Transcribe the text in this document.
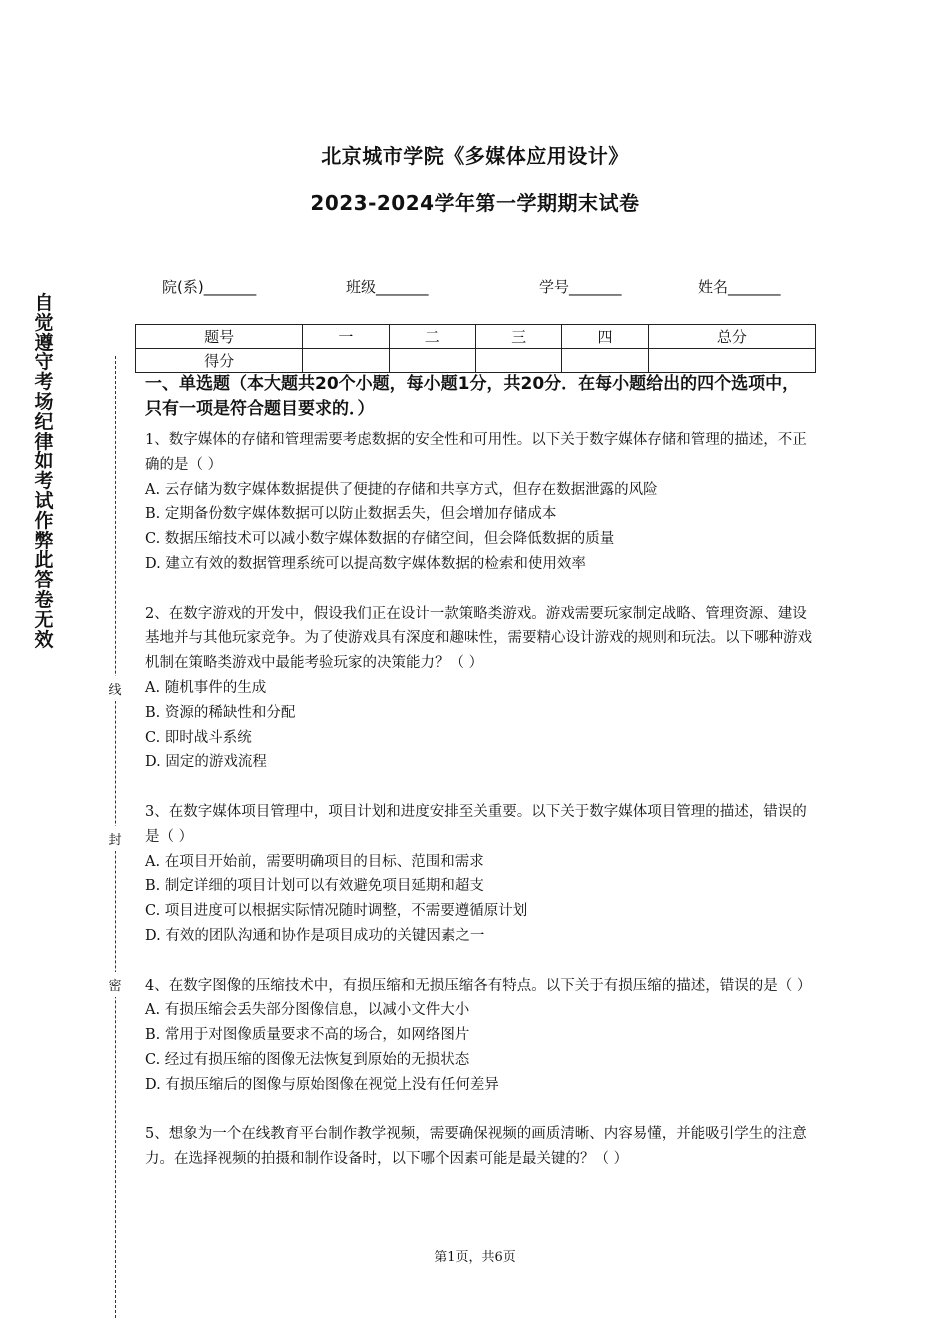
北京城市学院《多媒体应用设计》
2023-2024学年第一学期期末试卷
院(系)_______	班级_______	学号_______	姓名_______
自觉遵守考场纪律如考试作弊此答卷无效
线
封
密
题号	一	二	三	四	总分
得分					

一、单选题（本大题共20个小题，每小题1分，共20分．在每小题给出的四个选项中，只有一项是符合题目要求的．）

1、数字媒体的存储和管理需要考虑数据的安全性和可用性。以下关于数字媒体存储和管理的描述，不正确的是（ ）

A. 云存储为数字媒体数据提供了便捷的存储和共享方式，但存在数据泄露的风险

B. 定期备份数字媒体数据可以防止数据丢失，但会增加存储成本

C. 数据压缩技术可以减小数字媒体数据的存储空间，但会降低数据的质量

D. 建立有效的数据管理系统可以提高数字媒体数据的检索和使用效率

2、在数字游戏的开发中，假设我们正在设计一款策略类游戏。游戏需要玩家制定战略、管理资源、建设基地并与其他玩家竞争。为了使游戏具有深度和趣味性，需要精心设计游戏的规则和玩法。以下哪种游戏机制在策略类游戏中最能考验玩家的决策能力？（ ）

A. 随机事件的生成

B. 资源的稀缺性和分配

C. 即时战斗系统

D. 固定的游戏流程

3、在数字媒体项目管理中，项目计划和进度安排至关重要。以下关于数字媒体项目管理的描述，错误的是（ ）

A. 在项目开始前，需要明确项目的目标、范围和需求

B. 制定详细的项目计划可以有效避免项目延期和超支

C. 项目进度可以根据实际情况随时调整，不需要遵循原计划

D. 有效的团队沟通和协作是项目成功的关键因素之一

4、在数字图像的压缩技术中，有损压缩和无损压缩各有特点。以下关于有损压缩的描述，错误的是（ ）

A. 有损压缩会丢失部分图像信息，以减小文件大小

B. 常用于对图像质量要求不高的场合，如网络图片

C. 经过有损压缩的图像无法恢复到原始的无损状态

D. 有损压缩后的图像与原始图像在视觉上没有任何差异

5、想象为一个在线教育平台制作教学视频，需要确保视频的画质清晰、内容易懂，并能吸引学生的注意力。在选择视频的拍摄和制作设备时，以下哪个因素可能是最关键的？（ ）

第1页，共6页
